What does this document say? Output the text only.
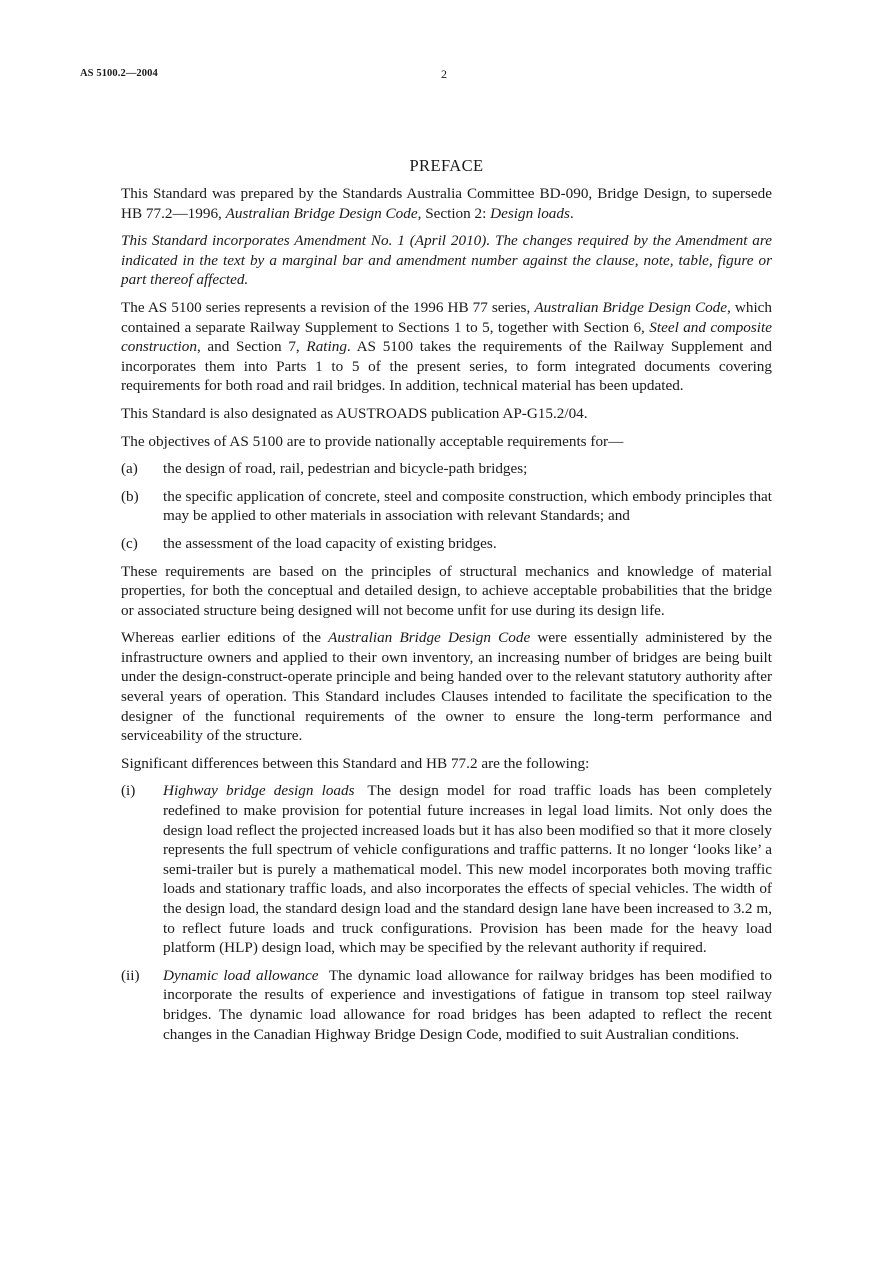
AS 5100.2—2004	2
PREFACE

This Standard was prepared by the Standards Australia Committee BD-090, Bridge Design, to supersede HB 77.2—1996, Australian Bridge Design Code, Section 2: Design loads.

This Standard incorporates Amendment No. 1 (April 2010). The changes required by the Amendment are indicated in the text by a marginal bar and amendment number against the clause, note, table, figure or part thereof affected.

The AS 5100 series represents a revision of the 1996 HB 77 series, Australian Bridge Design Code, which contained a separate Railway Supplement to Sections 1 to 5, together with Section 6, Steel and composite construction, and Section 7, Rating. AS 5100 takes the requirements of the Railway Supplement and incorporates them into Parts 1 to 5 of the present series, to form integrated documents covering requirements for both road and rail bridges. In addition, technical material has been updated.

This Standard is also designated as AUSTROADS publication AP-G15.2/04.

The objectives of AS 5100 are to provide nationally acceptable requirements for—

(a)	the design of road, rail, pedestrian and bicycle-path bridges;
(b)	the specific application of concrete, steel and composite construction, which embody principles that may be applied to other materials in association with relevant Standards; and
(c)	the assessment of the load capacity of existing bridges.

These requirements are based on the principles of structural mechanics and knowledge of material properties, for both the conceptual and detailed design, to achieve acceptable probabilities that the bridge or associated structure being designed will not become unfit for use during its design life.

Whereas earlier editions of the Australian Bridge Design Code were essentially administered by the infrastructure owners and applied to their own inventory, an increasing number of bridges are being built under the design-construct-operate principle and being handed over to the relevant statutory authority after several years of operation. This Standard includes Clauses intended to facilitate the specification to the designer of the functional requirements of the owner to ensure the long-term performance and serviceability of the structure.

Significant differences between this Standard and HB 77.2 are the following:

(i)	Highway bridge design loads The design model for road traffic loads has been completely redefined to make provision for potential future increases in legal load limits. Not only does the design load reflect the projected increased loads but it has also been modified so that it more closely represents the full spectrum of vehicle configurations and traffic patterns. It no longer ‘looks like’ a semi-trailer but is purely a mathematical model. This new model incorporates both moving traffic loads and stationary traffic loads, and also incorporates the effects of special vehicles. The width of the design load, the standard design load and the standard design lane have been increased to 3.2 m, to reflect future loads and truck configurations. Provision has been made for the heavy load platform (HLP) design load, which may be specified by the relevant authority if required.
(ii)	Dynamic load allowance The dynamic load allowance for railway bridges has been modified to incorporate the results of experience and investigations of fatigue in transom top steel railway bridges. The dynamic load allowance for road bridges has been adapted to reflect the recent changes in the Canadian Highway Bridge Design Code, modified to suit Australian conditions.
